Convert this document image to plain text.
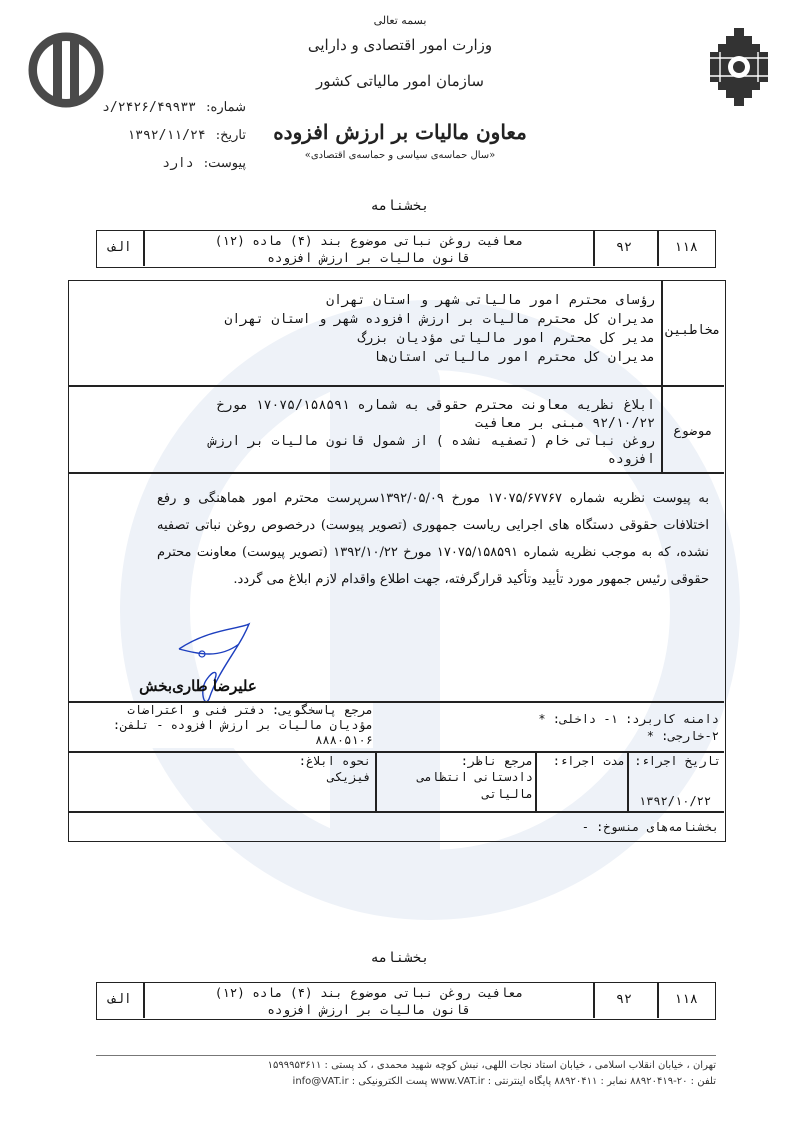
بسمه تعالی
وزارت امور اقتصادی و دارایی
سازمان امور مالیاتی کشور
معاون مالیات بر ارزش افزوده
«سال حماسه‌ی سیاسی و حماسه‌ی اقتصادی»
شماره: ۲۴۲۶/۴۹۹۳۳/د
تاریخ: ۱۳۹۲/۱۱/۲۴
پیوست: دارد
بخشنامه
۱۱۸
۹۲
معافیت روغن نباتی موضوع بند (۴) ماده (۱۲)
قانون مالیات بر ارزش افزوده
الف
مخاطبین
رؤسای محترم امور مالیاتی شهر و استان تهران
مدیران کل محترم مالیات بر ارزش افزوده شهر و استان تهران
مدیر کل محترم امور مالیاتی مؤدیان بزرگ
مدیران کل محترم امور مالیاتی استان‌ها
موضوع
ابلاغ نظریه معاونت محترم حقوقی به شماره ۱۷۰۷۵/۱۵۸۵۹۱ مورخ
۹۲/۱۰/۲۲ مبنی بر معافیت
روغن نباتی خام (تصفیه نشده ) از شمول قانون مالیات بر ارزش
افزوده
به پیوست نظریه شماره ۱۷۰۷۵/۶۷۷۶۷ مورخ ۱۳۹۲/۰۵/۰۹سرپرست محترم امور هماهنگی و رفع اختلافات حقوقی دستگاه های اجرایی ریاست جمهوری (تصویر پیوست) درخصوص روغن نباتی تصفیه نشده، که به موجب نظریه شماره ۱۷۰۷۵/۱۵۸۵۹۱ مورخ ۱۳۹۲/۱۰/۲۲ (تصویر پیوست) معاونت محترم حقوقی رئیس جمهور مورد تأیید وتأکید قرارگرفته، جهت اطلاع واقدام لازم ابلاغ می گردد.
علیرضا طاری‌بخش
دامنه کاربرد: ۱- داخلی: *
۲-خارجی: *
مرجع پاسخگویی: دفتر فنی و اعتراضات
مؤدیان مالیات بر ارزش افزوده - تلفن:
۸۸۸۰۵۱۰۶
تاریخ اجراء:
۱۳۹۲/۱۰/۲۲
مدت اجراء:
مرجع ناظر:
دادستانی انتظامی مالیاتی
نحوه ابلاغ:
فیزیکی
بخشنامه‌های منسوخ: -
بخشنامه
۱۱۸
۹۲
معافیت روغن نباتی موضوع بند (۴) ماده (۱۲)
قانون مالیات بر ارزش افزوده
الف
تهران ، خیابان انقلاب اسلامی ، خیابان استاد نجات اللهی، نبش کوچه شهید محمدی ، کد پستی : ۱۵۹۹۹۵۳۶۱۱
تلفن : ۲۰-۸۸۹۲۰۴۱۹ نمابر : ۸۸۹۲۰۴۱۱ پایگاه اینترنتی : www.VAT.ir پست الکترونیکی : info@VAT.ir
